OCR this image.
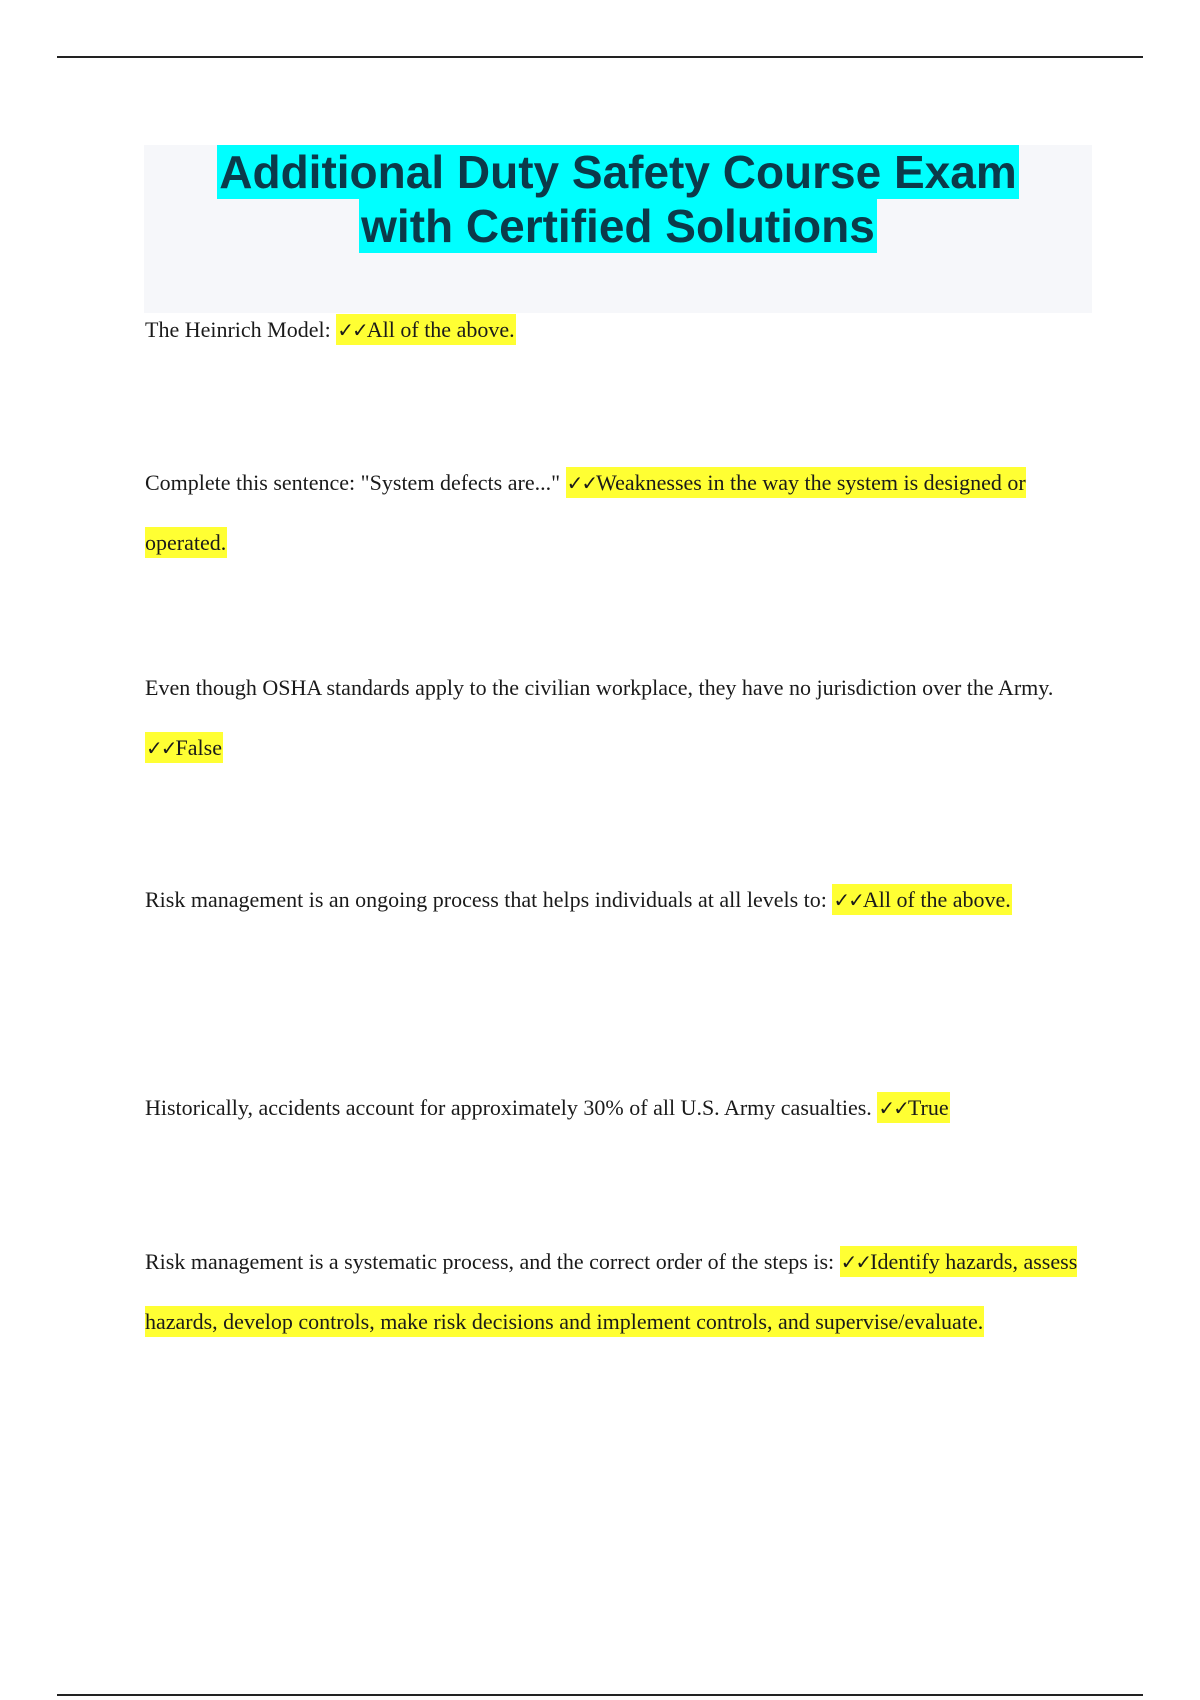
Additional Duty Safety Course Exam
with Certified Solutions
The Heinrich Model: ✓✓All of the above.
Complete this sentence: "System defects are..." ✓✓Weaknesses in the way the system is designed or operated.
Even though OSHA standards apply to the civilian workplace, they have no jurisdiction over the Army. ✓✓False
Risk management is an ongoing process that helps individuals at all levels to: ✓✓All of the above.
Historically, accidents account for approximately 30% of all U.S. Army casualties. ✓✓True
Risk management is a systematic process, and the correct order of the steps is: ✓✓Identify hazards, assess hazards, develop controls, make risk decisions and implement controls, and supervise/evaluate.
